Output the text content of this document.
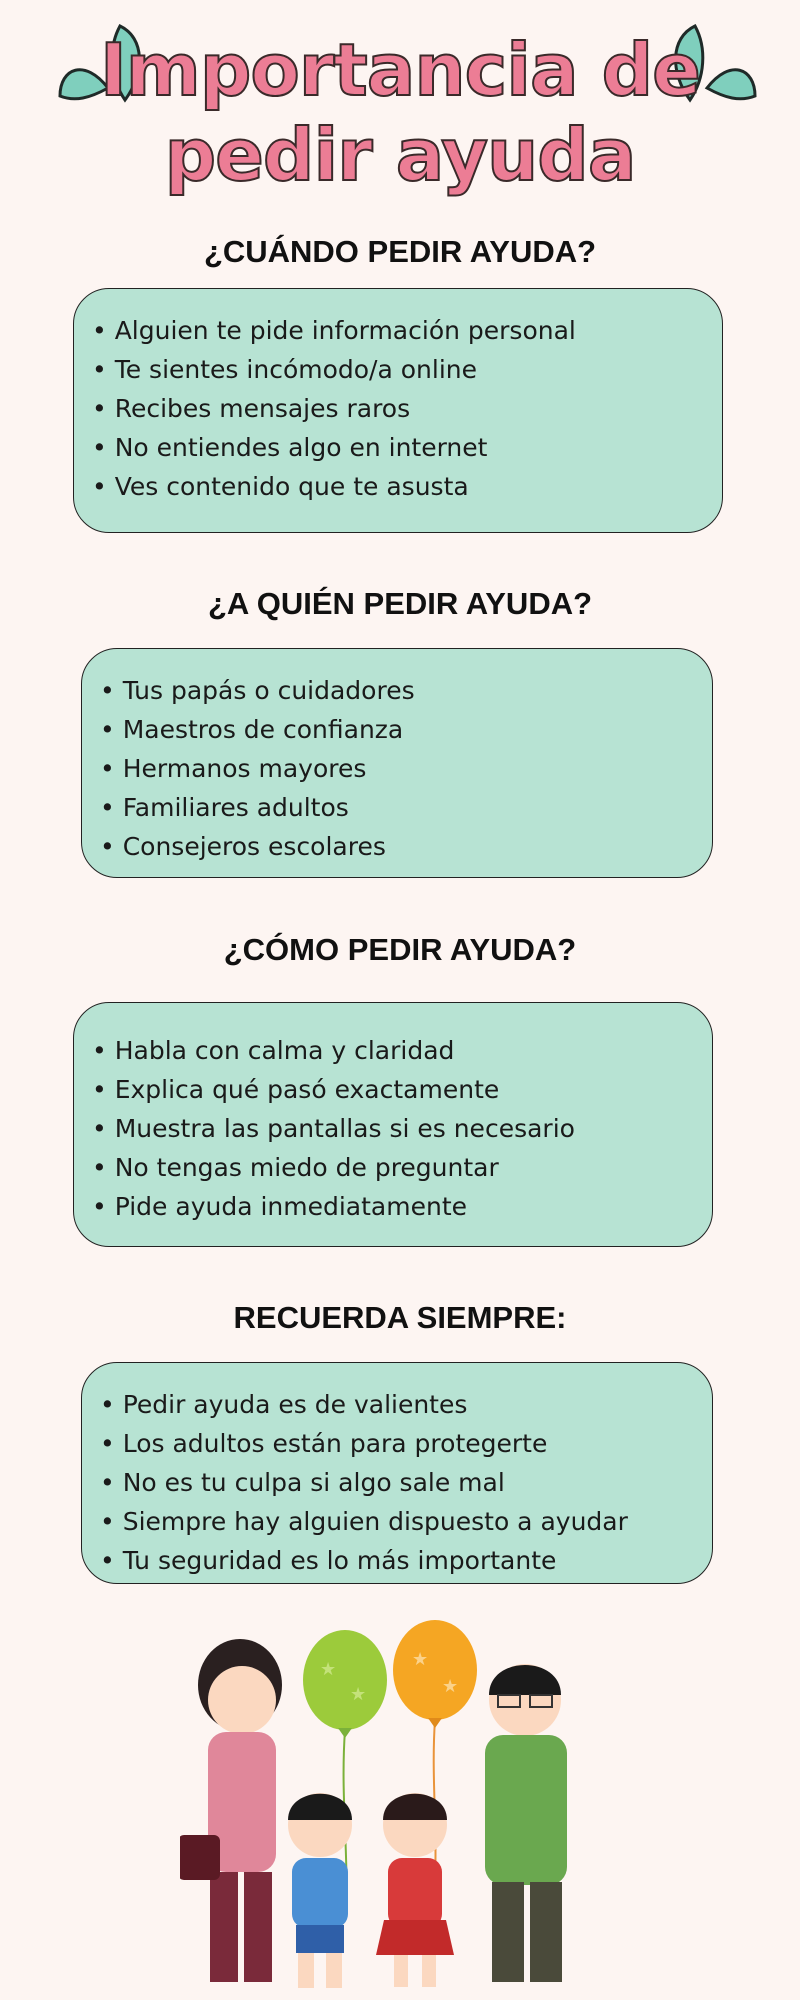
Importancia de
pedir ayuda
¿CUÁNDO PEDIR AYUDA?
• Alguien te pide información personal
• Te sientes incómodo/a online
• Recibes mensajes raros
• No entiendes algo en internet
• Ves contenido que te asusta
¿A QUIÉN PEDIR AYUDA?
• Tus papás o cuidadores
• Maestros de confianza
• Hermanos mayores
• Familiares adultos
• Consejeros escolares
¿CÓMO PEDIR AYUDA?
• Habla con calma y claridad
• Explica qué pasó exactamente
• Muestra las pantallas si es necesario
• No tengas miedo de preguntar
• Pide ayuda inmediatamente
RECUERDA SIEMPRE:
• Pedir ayuda es de valientes
• Los adultos están para protegerte
• No es tu culpa si algo sale mal
• Siempre hay alguien dispuesto a ayudar
• Tu seguridad es lo más importante
★
★
★
★
